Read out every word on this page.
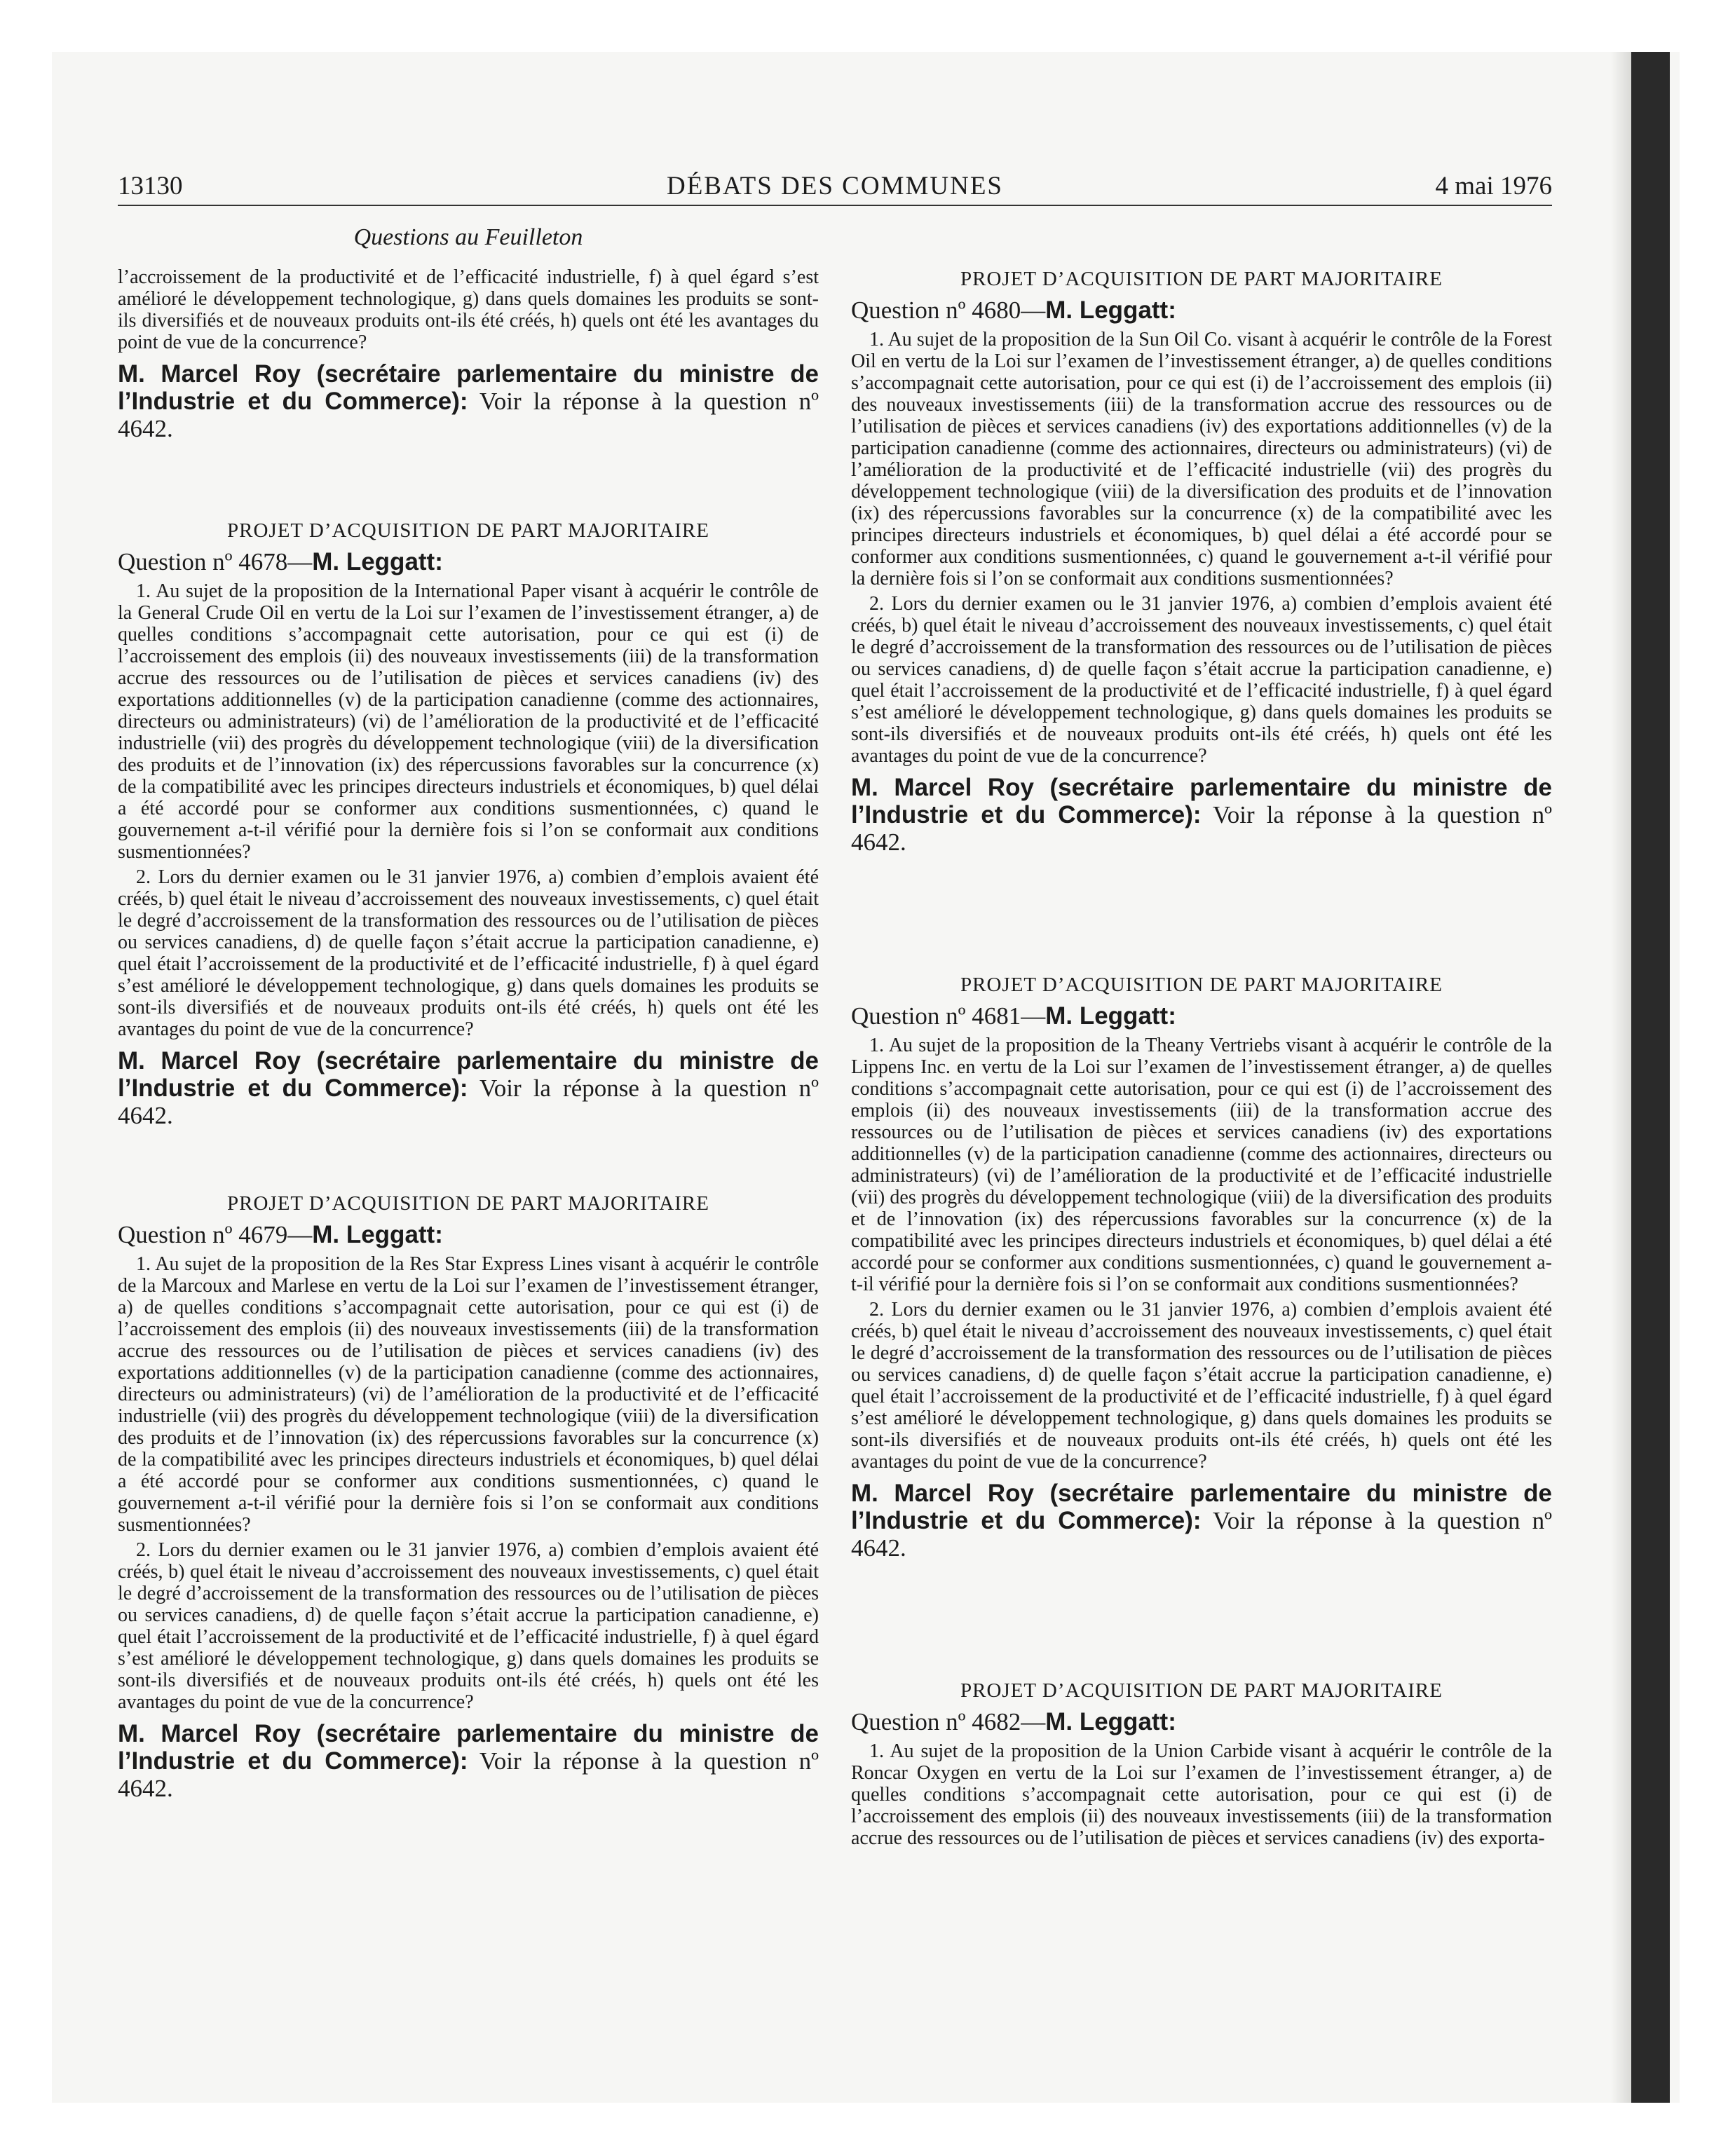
13130	DÉBATS DES COMMUNES	4 mai 1976
Questions au Feuilleton

l’accroissement de la productivité et de l’efficacité industrielle, f) à quel égard s’est amélioré le développement technologique, g) dans quels domaines les produits se sont-ils diversifiés et de nouveaux produits ont-ils été créés, h) quels ont été les avantages du point de vue de la concurrence?

M. Marcel Roy (secrétaire parlementaire du ministre de l’Industrie et du Commerce): Voir la réponse à la question nº 4642.
PROJET D’ACQUISITION DE PART MAJORITAIRE
Question nº 4678—M. Leggatt:

1. Au sujet de la proposition de la International Paper visant à acquérir le contrôle de la General Crude Oil en vertu de la Loi sur l’examen de l’investissement étranger, a) de quelles conditions s’accompagnait cette autorisation, pour ce qui est (i) de l’accroissement des emplois (ii) des nouveaux investissements (iii) de la transformation accrue des ressources ou de l’utilisation de pièces et services canadiens (iv) des exportations additionnelles (v) de la participation canadienne (comme des actionnaires, directeurs ou administrateurs) (vi) de l’amélioration de la productivité et de l’efficacité industrielle (vii) des progrès du développement technologique (viii) de la diversification des produits et de l’innovation (ix) des répercussions favorables sur la concurrence (x) de la compatibilité avec les principes directeurs industriels et économiques, b) quel délai a été accordé pour se conformer aux conditions susmentionnées, c) quand le gouvernement a-t-il vérifié pour la dernière fois si l’on se conformait aux conditions susmentionnées?

2. Lors du dernier examen ou le 31 janvier 1976, a) combien d’emplois avaient été créés, b) quel était le niveau d’accroissement des nouveaux investissements, c) quel était le degré d’accroissement de la transformation des ressources ou de l’utilisation de pièces ou services canadiens, d) de quelle façon s’était accrue la participation canadienne, e) quel était l’accroissement de la productivité et de l’efficacité industrielle, f) à quel égard s’est amélioré le développement technologique, g) dans quels domaines les produits se sont-ils diversifiés et de nouveaux produits ont-ils été créés, h) quels ont été les avantages du point de vue de la concurrence?

M. Marcel Roy (secrétaire parlementaire du ministre de l’Industrie et du Commerce): Voir la réponse à la question nº 4642.
PROJET D’ACQUISITION DE PART MAJORITAIRE
Question nº 4679—M. Leggatt:

1. Au sujet de la proposition de la Res Star Express Lines visant à acquérir le contrôle de la Marcoux and Marlese en vertu de la Loi sur l’examen de l’investissement étranger, a) de quelles conditions s’accompagnait cette autorisation, pour ce qui est (i) de l’accroissement des emplois (ii) des nouveaux investissements (iii) de la transformation accrue des ressources ou de l’utilisation de pièces et services canadiens (iv) des exportations additionnelles (v) de la participation canadienne (comme des actionnaires, directeurs ou administrateurs) (vi) de l’amélioration de la productivité et de l’efficacité industrielle (vii) des progrès du développement technologique (viii) de la diversification des produits et de l’innovation (ix) des répercussions favorables sur la concurrence (x) de la compatibilité avec les principes directeurs industriels et économiques, b) quel délai a été accordé pour se conformer aux conditions susmentionnées, c) quand le gouvernement a-t-il vérifié pour la dernière fois si l’on se conformait aux conditions susmentionnées?

2. Lors du dernier examen ou le 31 janvier 1976, a) combien d’emplois avaient été créés, b) quel était le niveau d’accroissement des nouveaux investissements, c) quel était le degré d’accroissement de la transformation des ressources ou de l’utilisation de pièces ou services canadiens, d) de quelle façon s’était accrue la participation canadienne, e) quel était l’accroissement de la productivité et de l’efficacité industrielle, f) à quel égard s’est amélioré le développement technologique, g) dans quels domaines les produits se sont-ils diversifiés et de nouveaux produits ont-ils été créés, h) quels ont été les avantages du point de vue de la concurrence?

M. Marcel Roy (secrétaire parlementaire du ministre de l’Industrie et du Commerce): Voir la réponse à la question nº 4642.
PROJET D’ACQUISITION DE PART MAJORITAIRE
Question nº 4680—M. Leggatt:

1. Au sujet de la proposition de la Sun Oil Co. visant à acquérir le contrôle de la Forest Oil en vertu de la Loi sur l’examen de l’investissement étranger, a) de quelles conditions s’accompagnait cette autorisation, pour ce qui est (i) de l’accroissement des emplois (ii) des nouveaux investissements (iii) de la transformation accrue des ressources ou de l’utilisation de pièces et services canadiens (iv) des exportations additionnelles (v) de la participation canadienne (comme des actionnaires, directeurs ou administrateurs) (vi) de l’amélioration de la productivité et de l’efficacité industrielle (vii) des progrès du développement technologique (viii) de la diversification des produits et de l’innovation (ix) des répercussions favorables sur la concurrence (x) de la compatibilité avec les principes directeurs industriels et économiques, b) quel délai a été accordé pour se conformer aux conditions susmentionnées, c) quand le gouvernement a-t-il vérifié pour la dernière fois si l’on se conformait aux conditions susmentionnées?

2. Lors du dernier examen ou le 31 janvier 1976, a) combien d’emplois avaient été créés, b) quel était le niveau d’accroissement des nouveaux investissements, c) quel était le degré d’accroissement de la transformation des ressources ou de l’utilisation de pièces ou services canadiens, d) de quelle façon s’était accrue la participation canadienne, e) quel était l’accroissement de la productivité et de l’efficacité industrielle, f) à quel égard s’est amélioré le développement technologique, g) dans quels domaines les produits se sont-ils diversifiés et de nouveaux produits ont-ils été créés, h) quels ont été les avantages du point de vue de la concurrence?

M. Marcel Roy (secrétaire parlementaire du ministre de l’Industrie et du Commerce): Voir la réponse à la question nº 4642.
PROJET D’ACQUISITION DE PART MAJORITAIRE
Question nº 4681—M. Leggatt:

1. Au sujet de la proposition de la Theany Vertriebs visant à acquérir le contrôle de la Lippens Inc. en vertu de la Loi sur l’examen de l’investissement étranger, a) de quelles conditions s’accompagnait cette autorisation, pour ce qui est (i) de l’accroissement des emplois (ii) des nouveaux investissements (iii) de la transformation accrue des ressources ou de l’utilisation de pièces et services canadiens (iv) des exportations additionnelles (v) de la participation canadienne (comme des actionnaires, directeurs ou administrateurs) (vi) de l’amélioration de la productivité et de l’efficacité industrielle (vii) des progrès du développement technologique (viii) de la diversification des produits et de l’innovation (ix) des répercussions favorables sur la concurrence (x) de la compatibilité avec les principes directeurs industriels et économiques, b) quel délai a été accordé pour se conformer aux conditions susmentionnées, c) quand le gouvernement a-t-il vérifié pour la dernière fois si l’on se conformait aux conditions susmentionnées?

2. Lors du dernier examen ou le 31 janvier 1976, a) combien d’emplois avaient été créés, b) quel était le niveau d’accroissement des nouveaux investissements, c) quel était le degré d’accroissement de la transformation des ressources ou de l’utilisation de pièces ou services canadiens, d) de quelle façon s’était accrue la participation canadienne, e) quel était l’accroissement de la productivité et de l’efficacité industrielle, f) à quel égard s’est amélioré le développement technologique, g) dans quels domaines les produits se sont-ils diversifiés et de nouveaux produits ont-ils été créés, h) quels ont été les avantages du point de vue de la concurrence?

M. Marcel Roy (secrétaire parlementaire du ministre de l’Industrie et du Commerce): Voir la réponse à la question nº 4642.
PROJET D’ACQUISITION DE PART MAJORITAIRE
Question nº 4682—M. Leggatt:

1. Au sujet de la proposition de la Union Carbide visant à acquérir le contrôle de la Roncar Oxygen en vertu de la Loi sur l’examen de l’investissement étranger, a) de quelles conditions s’accompagnait cette autorisation, pour ce qui est (i) de l’accroissement des emplois (ii) des nouveaux investissements (iii) de la transformation accrue des ressources ou de l’utilisation de pièces et services canadiens (iv) des exporta-
